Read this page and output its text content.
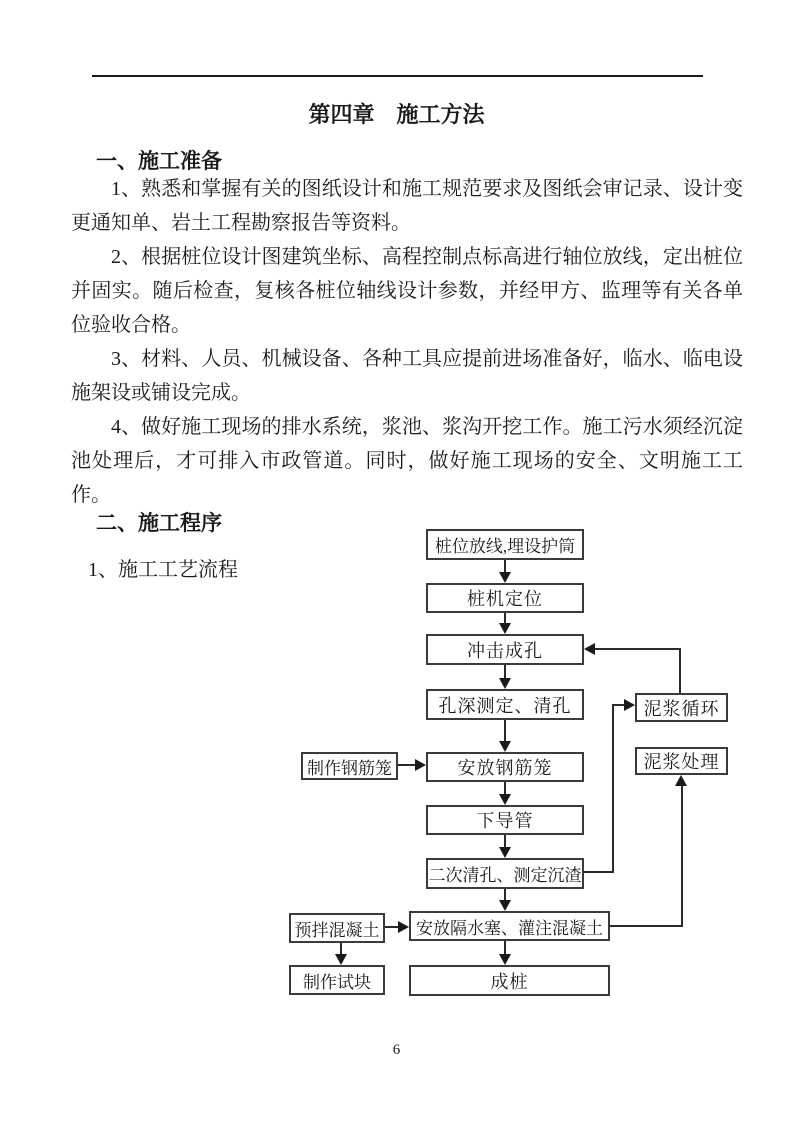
第四章　施工方法
一、施工准备

1、熟悉和掌握有关的图纸设计和施工规范要求及图纸会审记录、设计变更通知单、岩土工程勘察报告等资料。

2、根据桩位设计图建筑坐标、高程控制点标高进行轴位放线，定出桩位并固实。随后检查，复核各桩位轴线设计参数，并经甲方、监理等有关各单位验收合格。

3、材料、人员、机械设备、各种工具应提前进场准备好，临水、临电设施架设或铺设完成。

4、做好施工现场的排水系统，浆池、浆沟开挖工作。施工污水须经沉淀池处理后，才可排入市政管道。同时，做好施工现场的安全、文明施工工作。

二、施工程序
1、施工工艺流程
桩位放线,埋设护筒
桩机定位
冲击成孔
孔深测定、清孔
安放钢筋笼
下导管
二次清孔、测定沉渣
安放隔水塞、灌注混凝土
成桩
制作钢筋笼
预拌混凝土
制作试块
泥浆循环
泥浆处理
6
